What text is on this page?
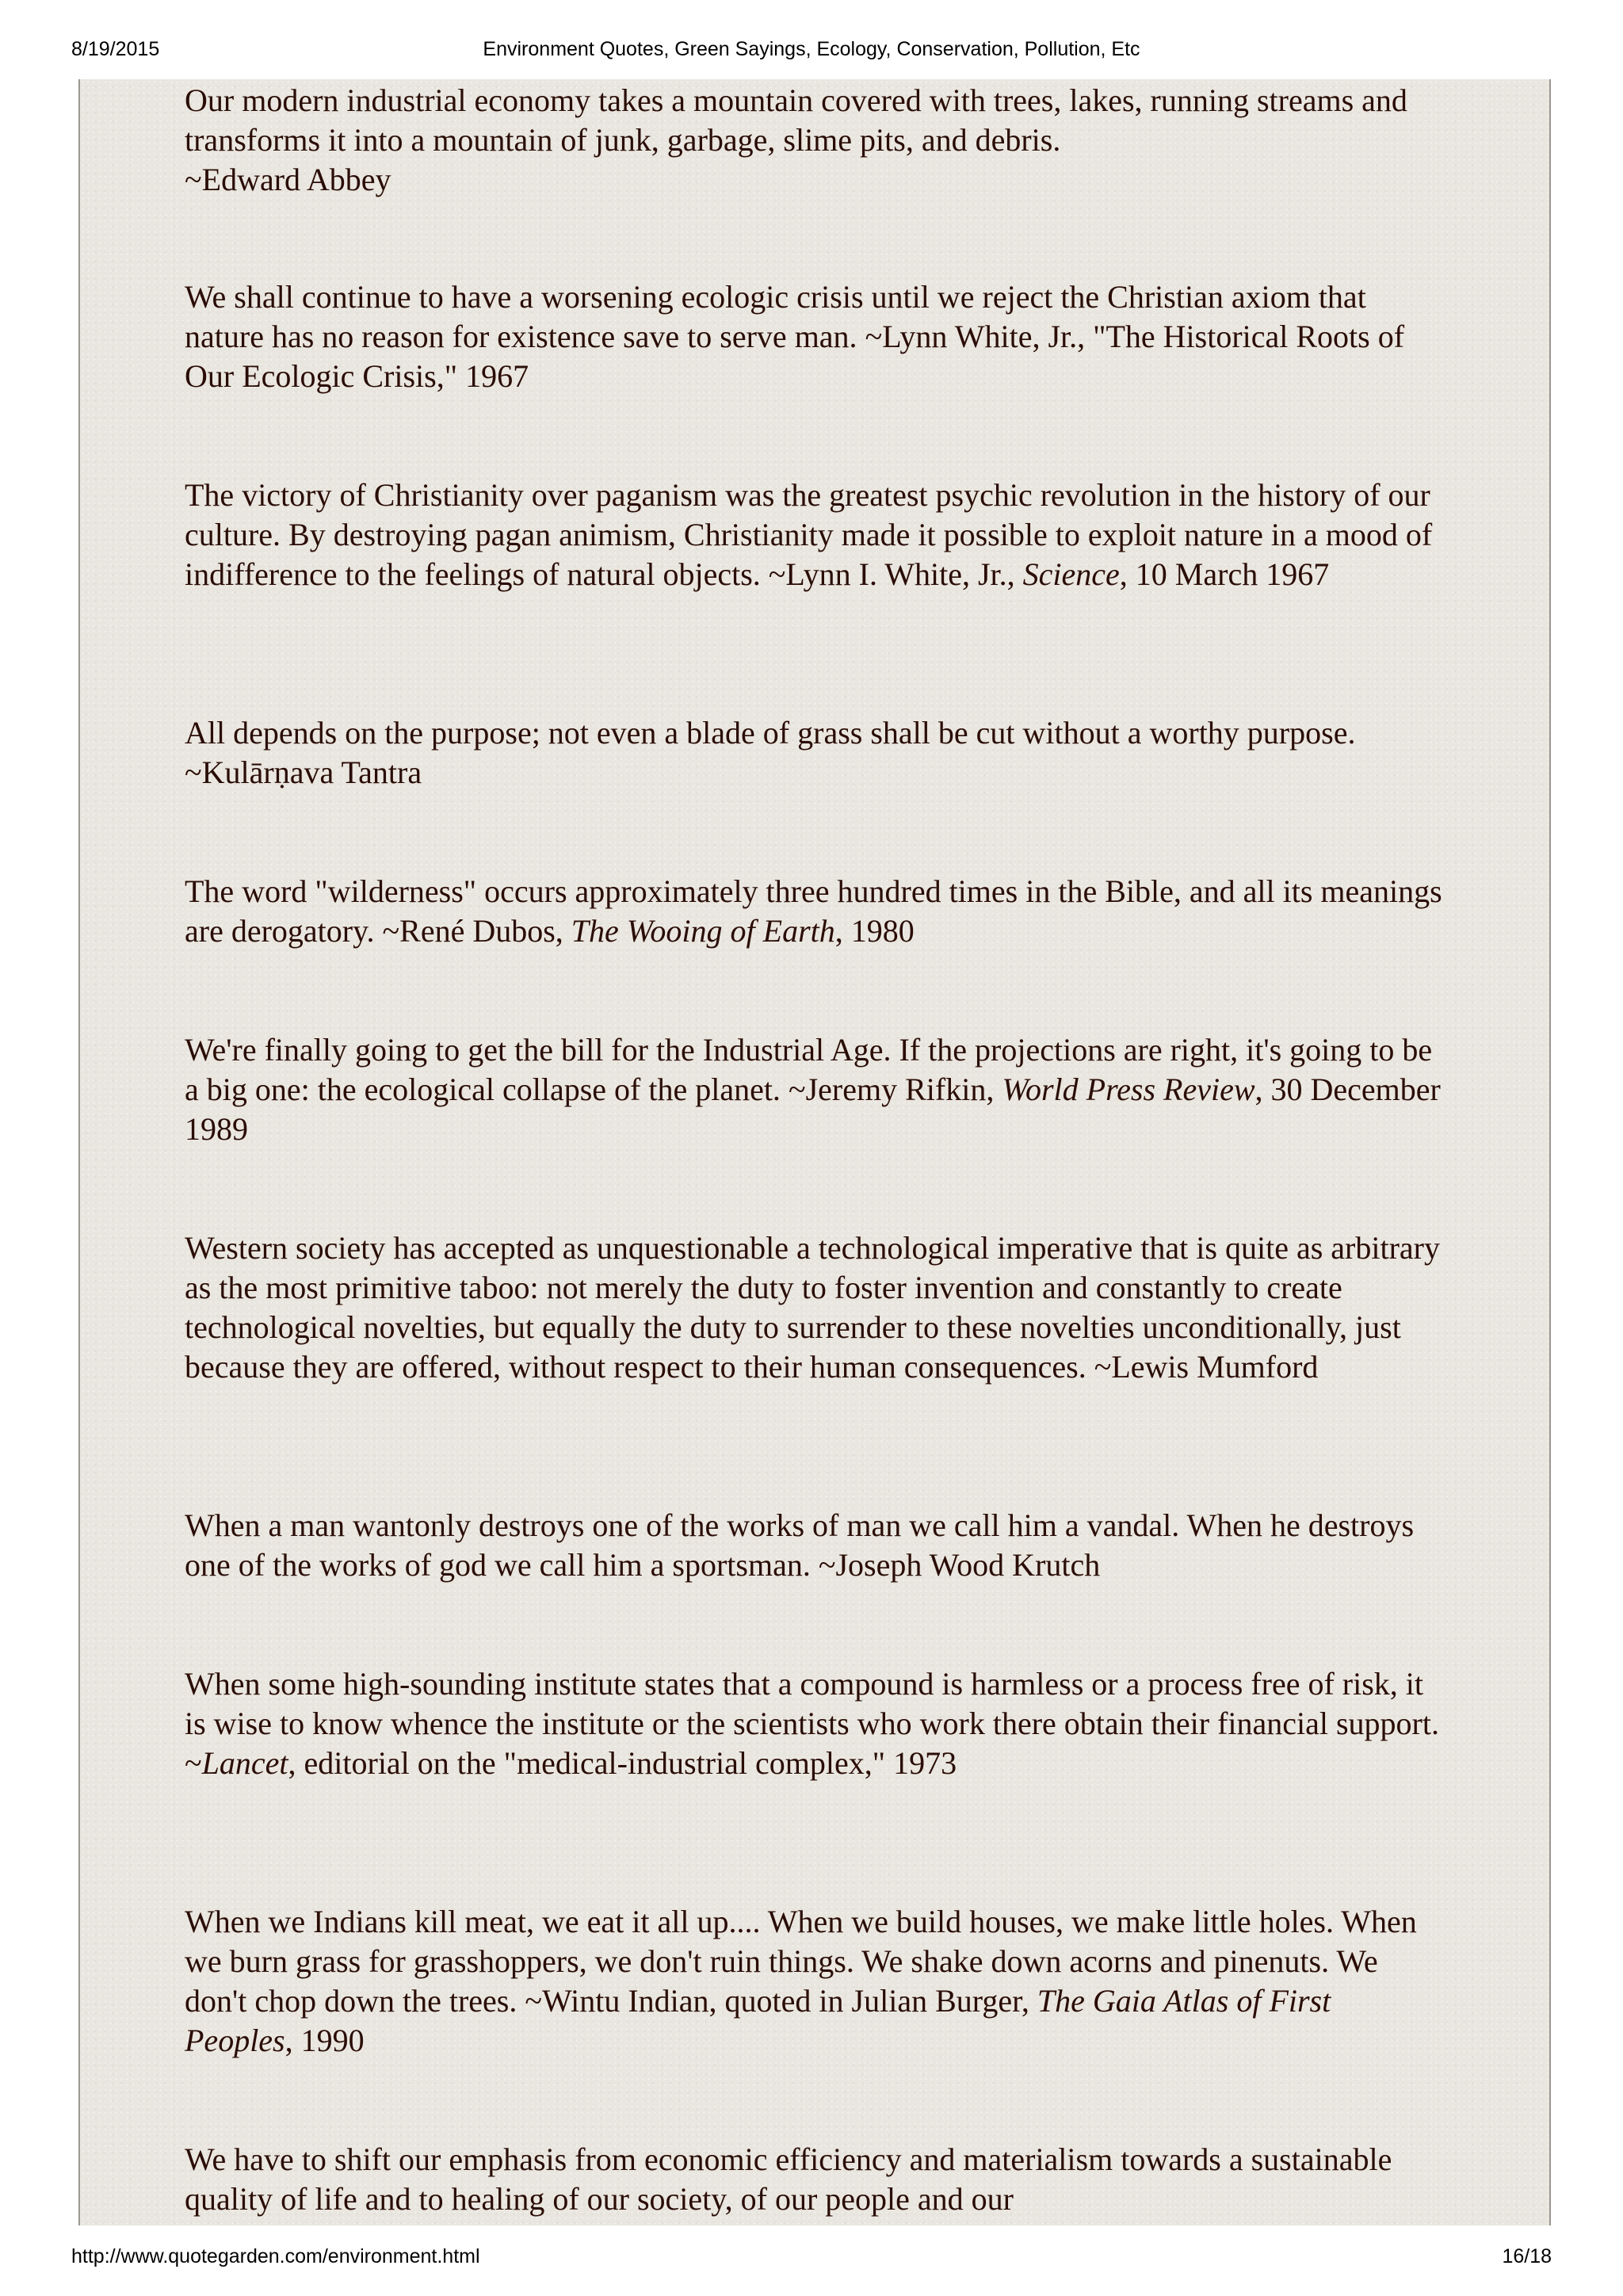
8/19/2015	Environment Quotes, Green Sayings, Ecology, Conservation, Pollution, Etc

Our modern industrial economy takes a mountain covered with trees, lakes, running streams and transforms it into a mountain of junk, garbage, slime pits, and debris.
~Edward Abbey

We shall continue to have a worsening ecologic crisis until we reject the Christian axiom that nature has no reason for existence save to serve man. ~Lynn White, Jr., "The Historical Roots of Our Ecologic Crisis," 1967

The victory of Christianity over paganism was the greatest psychic revolution in the history of our culture. By destroying pagan animism, Christianity made it possible to exploit nature in a mood of indifference to the feelings of natural objects. ~Lynn I. White, Jr., Science, 10 March 1967

All depends on the purpose; not even a blade of grass shall be cut without a worthy purpose. ~Kulārṇava Tantra

The word "wilderness" occurs approximately three hundred times in the Bible, and all its meanings are derogatory. ~René Dubos, The Wooing of Earth, 1980

We're finally going to get the bill for the Industrial Age. If the projections are right, it's going to be a big one: the ecological collapse of the planet. ~Jeremy Rifkin, World Press Review, 30 December 1989

Western society has accepted as unquestionable a technological imperative that is quite as arbitrary as the most primitive taboo: not merely the duty to foster invention and constantly to create technological novelties, but equally the duty to surrender to these novelties unconditionally, just because they are offered, without respect to their human consequences. ~Lewis Mumford

When a man wantonly destroys one of the works of man we call him a vandal. When he destroys one of the works of god we call him a sportsman. ~Joseph Wood Krutch

When some high-sounding institute states that a compound is harmless or a process free of risk, it is wise to know whence the institute or the scientists who work there obtain their financial support. ~Lancet, editorial on the "medical-industrial complex," 1973

When we Indians kill meat, we eat it all up.... When we build houses, we make little holes. When we burn grass for grasshoppers, we don't ruin things. We shake down acorns and pinenuts. We don't chop down the trees. ~Wintu Indian, quoted in Julian Burger, The Gaia Atlas of First Peoples, 1990

We have to shift our emphasis from economic efficiency and materialism towards a sustainable quality of life and to healing of our society, of our people and our

http://www.quotegarden.com/environment.html	16/18
